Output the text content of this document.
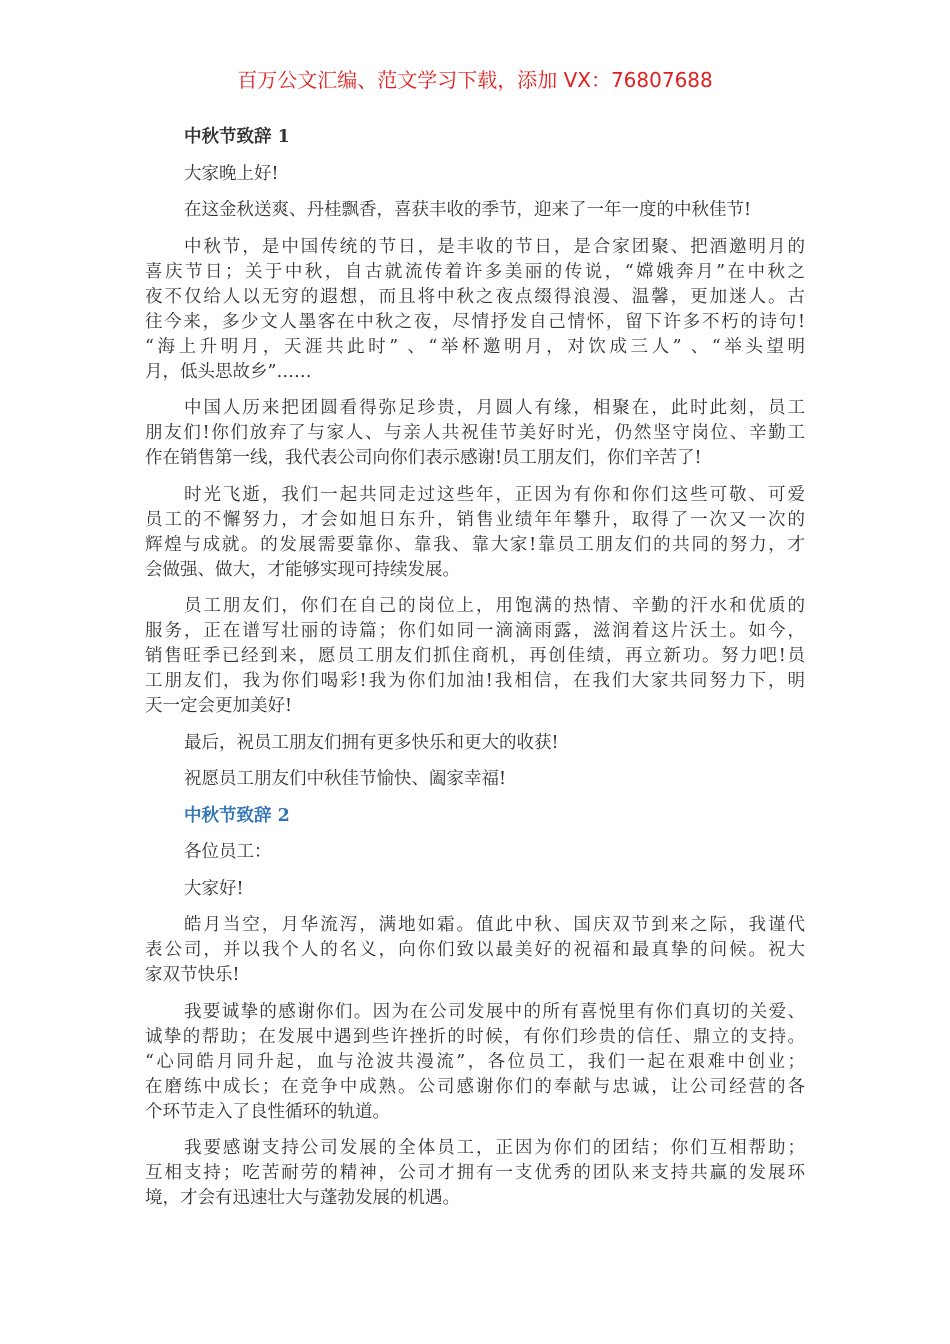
百万公文汇编、范文学习下载，添加 VX：76807688
中秋节致辞 1
大家晚上好!
在这金秋送爽、丹桂飘香，喜获丰收的季节，迎来了一年一度的中秋佳节!
中秋节，是中国传统的节日，是丰收的节日，是合家团聚、把酒邀明月的
喜庆节日；关于中秋，自古就流传着许多美丽的传说，“嫦娥奔月”在中秋之
夜不仅给人以无穷的遐想，而且将中秋之夜点缀得浪漫、温馨，更加迷人。古
往今来，多少文人墨客在中秋之夜，尽情抒发自己情怀，留下许多不朽的诗句!
“海上升明月，天涯共此时” 、“举杯邀明月，对饮成三人” 、“举头望明
月，低头思故乡”……
中国人历来把团圆看得弥足珍贵，月圆人有缘，相聚在，此时此刻，员工
朋友们!你们放弃了与家人、与亲人共祝佳节美好时光，仍然坚守岗位、辛勤工
作在销售第一线，我代表公司向你们表示感谢!员工朋友们，你们辛苦了!
时光飞逝，我们一起共同走过这些年，正因为有你和你们这些可敬、可爱
员工的不懈努力，才会如旭日东升，销售业绩年年攀升，取得了一次又一次的
辉煌与成就。的发展需要靠你、靠我、靠大家!靠员工朋友们的共同的努力，才
会做强、做大，才能够实现可持续发展。
员工朋友们，你们在自己的岗位上，用饱满的热情、辛勤的汗水和优质的
服务，正在谱写壮丽的诗篇；你们如同一滴滴雨露，滋润着这片沃土。如今，
销售旺季已经到来，愿员工朋友们抓住商机，再创佳绩，再立新功。努力吧!员
工朋友们，我为你们喝彩!我为你们加油!我相信，在我们大家共同努力下，明
天一定会更加美好!
最后，祝员工朋友们拥有更多快乐和更大的收获!
祝愿员工朋友们中秋佳节愉快、阖家幸福!
中秋节致辞 2
各位员工：
大家好!
皓月当空，月华流泻，满地如霜。值此中秋、国庆双节到来之际，我谨代
表公司，并以我个人的名义，向你们致以最美好的祝福和最真挚的问候。祝大
家双节快乐!
我要诚挚的感谢你们。因为在公司发展中的所有喜悦里有你们真切的关爱、
诚挚的帮助；在发展中遇到些许挫折的时候，有你们珍贵的信任、鼎立的支持。
“心同皓月同升起，血与沧波共漫流”，各位员工，我们一起在艰难中创业；
在磨练中成长；在竞争中成熟。公司感谢你们的奉献与忠诚，让公司经营的各
个环节走入了良性循环的轨道。
我要感谢支持公司发展的全体员工，正因为你们的团结；你们互相帮助；
互相支持；吃苦耐劳的精神，公司才拥有一支优秀的团队来支持共赢的发展环
境，才会有迅速壮大与蓬勃发展的机遇。
